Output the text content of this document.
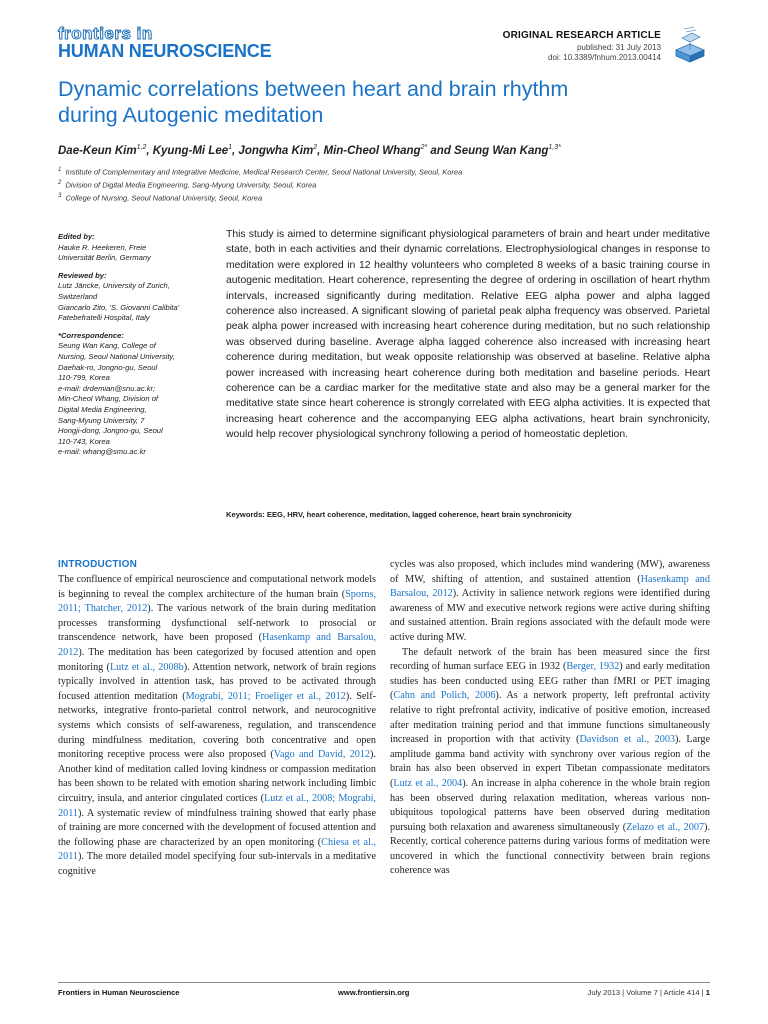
frontiers in
HUMAN NEUROSCIENCE
ORIGINAL RESEARCH ARTICLE
published: 31 July 2013
doi: 10.3389/fnhum.2013.00414
Dynamic correlations between heart and brain rhythm
during Autogenic meditation
Dae-Keun Kim$^{1,2}$, Kyung-Mi Lee$^1$, Jongwha Kim$^2$, Min-Cheol Whang$^{2*}$ and Seung Wan Kang$^{1,3*}$
$^1$ Institute of Complementary and Integrative Medicine, Medical Research Center, Seoul National University, Seoul, Korea
$^2$ Division of Digital Media Engineering, Sang-Myung University, Seoul, Korea
$^3$ College of Nursing, Seoul National University, Seoul, Korea
Edited by:
Hauke R. Heekeren, Freie
Universität Berlin, Germany
Reviewed by:
Lutz Jäncke, University of Zurich,
Switzerland
Giancarlo Zito, 'S. Giovanni Calibita'
Fatebefratelli Hospital, Italy
*Correspondence:
Seung Wan Kang, College of
Nursing, Seoul National University,
Daehak-ro, Jongno-gu, Seoul
110-799, Korea
e-mail: drdemian@snu.ac.kr;
Min-Cheol Whang, Division of
Digital Media Engineering,
Sang-Myung University, 7
Hongji-dong, Jongno-gu, Seoul
110-743, Korea
e-mail: whang@smu.ac.kr
This study is aimed to determine significant physiological parameters of brain and heart under meditative state, both in each activities and their dynamic correlations. Electrophysiological changes in response to meditation were explored in 12 healthy volunteers who completed 8 weeks of a basic training course in autogenic meditation. Heart coherence, representing the degree of ordering in oscillation of heart rhythm intervals, increased significantly during meditation. Relative EEG alpha power and alpha lagged coherence also increased. A significant slowing of parietal peak alpha frequency was observed. Parietal peak alpha power increased with increasing heart coherence during meditation, but no such relationship was observed during baseline. Average alpha lagged coherence also increased with increasing heart coherence during meditation, but weak opposite relationship was observed at baseline. Relative alpha power increased with increasing heart coherence during both meditation and baseline periods. Heart coherence can be a cardiac marker for the meditative state and also may be a general marker for the meditative state since heart coherence is strongly correlated with EEG alpha activities. It is expected that increasing heart coherence and the accompanying EEG alpha activations, heart brain synchronicity, would help recover physiological synchrony following a period of homeostatic depletion.
Keywords: EEG, HRV, heart coherence, meditation, lagged coherence, heart brain synchronicity
INTRODUCTION

The confluence of empirical neuroscience and computational network models is beginning to reveal the complex architecture of the human brain (Sporns, 2011; Thatcher, 2012). The various network of the brain during meditation processes transforming dysfunctional self-network to prosocial or transcendence network, have been proposed (Hasenkamp and Barsalou, 2012). The meditation has been categorized by focused attention and open monitoring (Lutz et al., 2008b). Attention network, network of brain regions typically involved in attention task, has proved to be activated through focused attention meditation (Mograbi, 2011; Froeliger et al., 2012). Self-networks, integrative fronto-parietal control network, and neurocognitive systems which consists of self-awareness, regulation, and transcendence during mindfulness meditation, covering both concentrative and open monitoring receptive process were also proposed (Vago and David, 2012). Another kind of meditation called loving kindness or compassion meditation has been shown to be related with emotion sharing network including limbic circuitry, insula, and anterior cingulated cortices (Lutz et al., 2008; Mograbi, 2011). A systematic review of mindfulness training showed that early phase of training are more concerned with the development of focused attention and the following phase are characterized by an open monitoring (Chiesa et al., 2011). The more detailed model specifying four sub-intervals in a meditative cognitive

cycles was also proposed, which includes mind wandering (MW), awareness of MW, shifting of attention, and sustained attention (Hasenkamp and Barsalou, 2012). Activity in salience network regions were identified during awareness of MW and executive network regions were active during shifting and sustained attention. Brain regions associated with the default mode were active during MW.

The default network of the brain has been measured since the first recording of human surface EEG in 1932 (Berger, 1932) and early meditation studies has been conducted using EEG rather than fMRI or PET imaging (Cahn and Polich, 2006). As a network property, left prefrontal activity relative to right prefrontal activity, indicative of positive emotion, increased after meditation training period and that immune functions simultaneously increased in proportion with that activity (Davidson et al., 2003). Large amplitude gamma band activity with synchrony over various region of the brain has also been observed in expert Tibetan compassionate meditators (Lutz et al., 2004). An increase in alpha coherence in the whole brain region has been observed during relaxation meditation, whereas various non-ubiquitous topological patterns have been observed during meditation pursuing both relaxation and awareness simultaneously (Zelazo et al., 2007). Recently, cortical coherence patterns during various forms of meditation were uncovered in which the functional connectivity between brain regions coherence was

Frontiers in Human Neuroscience	www.frontiersin.org	July 2013 | Volume 7 | Article 414 | 1
